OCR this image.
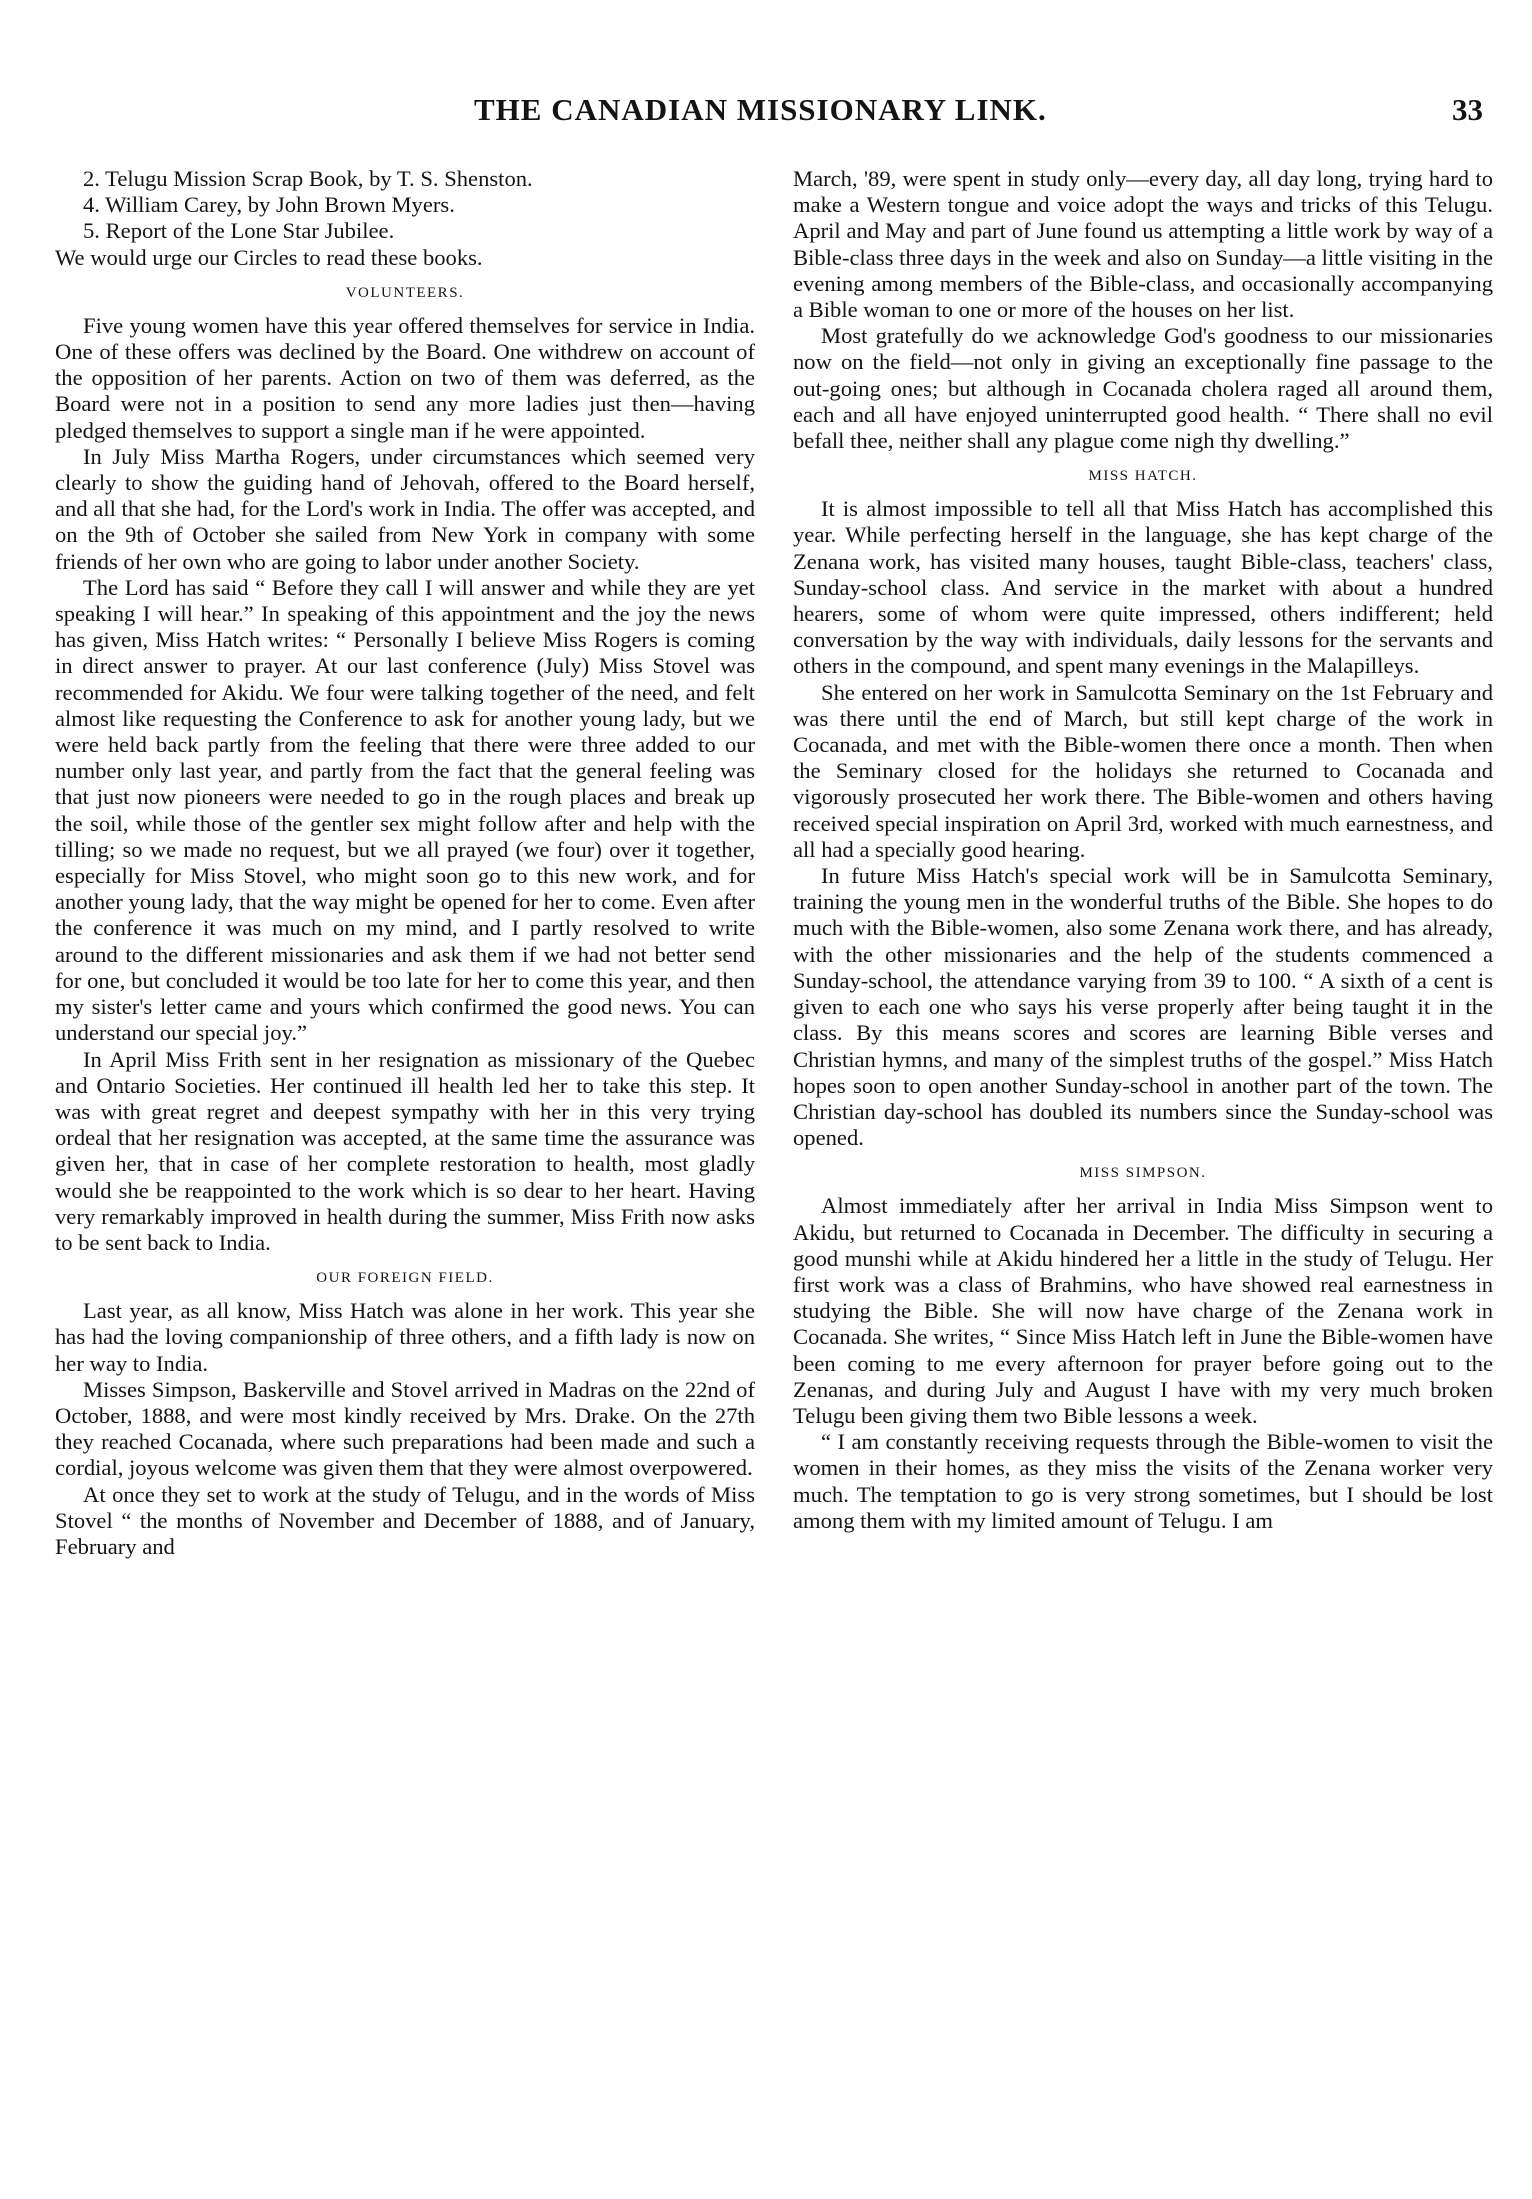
THE CANADIAN MISSIONARY LINK.	33

2. Telugu Mission Scrap Book, by T. S. Shenston.

4. William Carey, by John Brown Myers.

5. Report of the Lone Star Jubilee.

We would urge our Circles to read these books.

VOLUNTEERS.

Five young women have this year offered themselves for service in India. One of these offers was declined by the Board. One withdrew on account of the opposition of her parents. Action on two of them was deferred, as the Board were not in a position to send any more ladies just then—having pledged themselves to support a single man if he were appointed.

In July Miss Martha Rogers, under circumstances which seemed very clearly to show the guiding hand of Jehovah, offered to the Board herself, and all that she had, for the Lord's work in India. The offer was accepted, and on the 9th of October she sailed from New York in company with some friends of her own who are going to labor under another Society.

The Lord has said “ Before they call I will answer and while they are yet speaking I will hear.” In speaking of this appointment and the joy the news has given, Miss Hatch writes: “ Personally I believe Miss Rogers is coming in direct answer to prayer. At our last conference (July) Miss Stovel was recommended for Akidu. We four were talking together of the need, and felt almost like requesting the Conference to ask for another young lady, but we were held back partly from the feeling that there were three added to our number only last year, and partly from the fact that the general feeling was that just now pioneers were needed to go in the rough places and break up the soil, while those of the gentler sex might follow after and help with the tilling; so we made no request, but we all prayed (we four) over it together, especially for Miss Stovel, who might soon go to this new work, and for another young lady, that the way might be opened for her to come. Even after the conference it was much on my mind, and I partly resolved to write around to the different missionaries and ask them if we had not better send for one, but concluded it would be too late for her to come this year, and then my sister's letter came and yours which confirmed the good news. You can understand our special joy.”

In April Miss Frith sent in her resignation as missionary of the Quebec and Ontario Societies. Her continued ill health led her to take this step. It was with great regret and deepest sympathy with her in this very trying ordeal that her resignation was accepted, at the same time the assurance was given her, that in case of her complete restoration to health, most gladly would she be reappointed to the work which is so dear to her heart. Having very remarkably improved in health during the summer, Miss Frith now asks to be sent back to India.

OUR FOREIGN FIELD.

Last year, as all know, Miss Hatch was alone in her work. This year she has had the loving companionship of three others, and a fifth lady is now on her way to India.

Misses Simpson, Baskerville and Stovel arrived in Madras on the 22nd of October, 1888, and were most kindly received by Mrs. Drake. On the 27th they reached Cocanada, where such preparations had been made and such a cordial, joyous welcome was given them that they were almost overpowered.

At once they set to work at the study of Telugu, and in the words of Miss Stovel “ the months of November and December of 1888, and of January, February and

March, '89, were spent in study only—every day, all day long, trying hard to make a Western tongue and voice adopt the ways and tricks of this Telugu. April and May and part of June found us attempting a little work by way of a Bible-class three days in the week and also on Sunday—a little visiting in the evening among members of the Bible-class, and occasionally accompanying a Bible woman to one or more of the houses on her list.

Most gratefully do we acknowledge God's goodness to our missionaries now on the field—not only in giving an exceptionally fine passage to the out-going ones; but although in Cocanada cholera raged all around them, each and all have enjoyed uninterrupted good health. “ There shall no evil befall thee, neither shall any plague come nigh thy dwelling.”

MISS HATCH.

It is almost impossible to tell all that Miss Hatch has accomplished this year. While perfecting herself in the language, she has kept charge of the Zenana work, has visited many houses, taught Bible-class, teachers' class, Sunday-school class. And service in the market with about a hundred hearers, some of whom were quite impressed, others indifferent; held conversation by the way with individuals, daily lessons for the servants and others in the compound, and spent many evenings in the Malapilleys.

She entered on her work in Samulcotta Seminary on the 1st February and was there until the end of March, but still kept charge of the work in Cocanada, and met with the Bible-women there once a month. Then when the Seminary closed for the holidays she returned to Cocanada and vigorously prosecuted her work there. The Bible-women and others having received special inspiration on April 3rd, worked with much earnestness, and all had a specially good hearing.

In future Miss Hatch's special work will be in Samulcotta Seminary, training the young men in the wonderful truths of the Bible. She hopes to do much with the Bible-women, also some Zenana work there, and has already, with the other missionaries and the help of the students commenced a Sunday-school, the attendance varying from 39 to 100. “ A sixth of a cent is given to each one who says his verse properly after being taught it in the class. By this means scores and scores are learning Bible verses and Christian hymns, and many of the simplest truths of the gospel.” Miss Hatch hopes soon to open another Sunday-school in another part of the town. The Christian day-school has doubled its numbers since the Sunday-school was opened.

MISS SIMPSON.

Almost immediately after her arrival in India Miss Simpson went to Akidu, but returned to Cocanada in December. The difficulty in securing a good munshi while at Akidu hindered her a little in the study of Telugu. Her first work was a class of Brahmins, who have showed real earnestness in studying the Bible. She will now have charge of the Zenana work in Cocanada. She writes, “ Since Miss Hatch left in June the Bible-women have been coming to me every afternoon for prayer before going out to the Zenanas, and during July and August I have with my very much broken Telugu been giving them two Bible lessons a week.

“ I am constantly receiving requests through the Bible-women to visit the women in their homes, as they miss the visits of the Zenana worker very much. The temptation to go is very strong sometimes, but I should be lost among them with my limited amount of Telugu. I am
